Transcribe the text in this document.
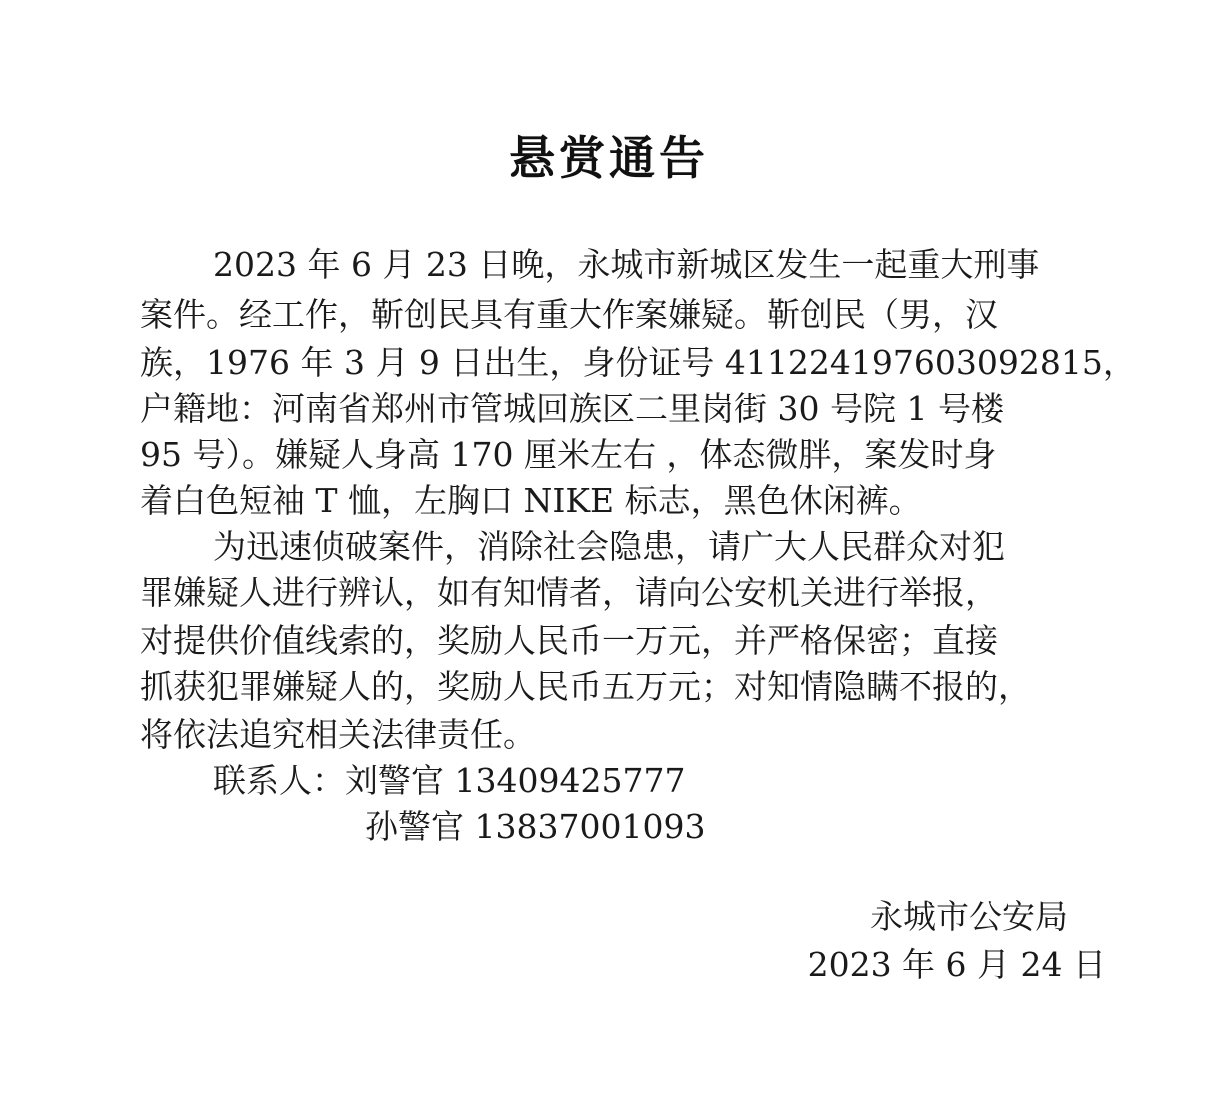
悬赏通告
2023 年 6 月 23 日晚，永城市新城区发生一起重大刑事
案件。经工作，靳创民具有重大作案嫌疑。靳创民（男，汉
族，1976 年 3 月 9 日出生，身份证号 411224197603092815，
户籍地：河南省郑州市管城回族区二里岗街 30 号院 1 号楼
95 号）。嫌疑人身高 170 厘米左右 ，体态微胖，案发时身
着白色短袖 T 恤，左胸口 NIKE 标志，黑色休闲裤。
为迅速侦破案件，消除社会隐患，请广大人民群众对犯
罪嫌疑人进行辨认，如有知情者，请向公安机关进行举报，
对提供价值线索的，奖励人民币一万元，并严格保密；直接
抓获犯罪嫌疑人的，奖励人民币五万元；对知情隐瞒不报的，
将依法追究相关法律责任。
联系人：刘警官 13409425777
孙警官 13837001093
永城市公安局
2023 年 6 月 24 日
